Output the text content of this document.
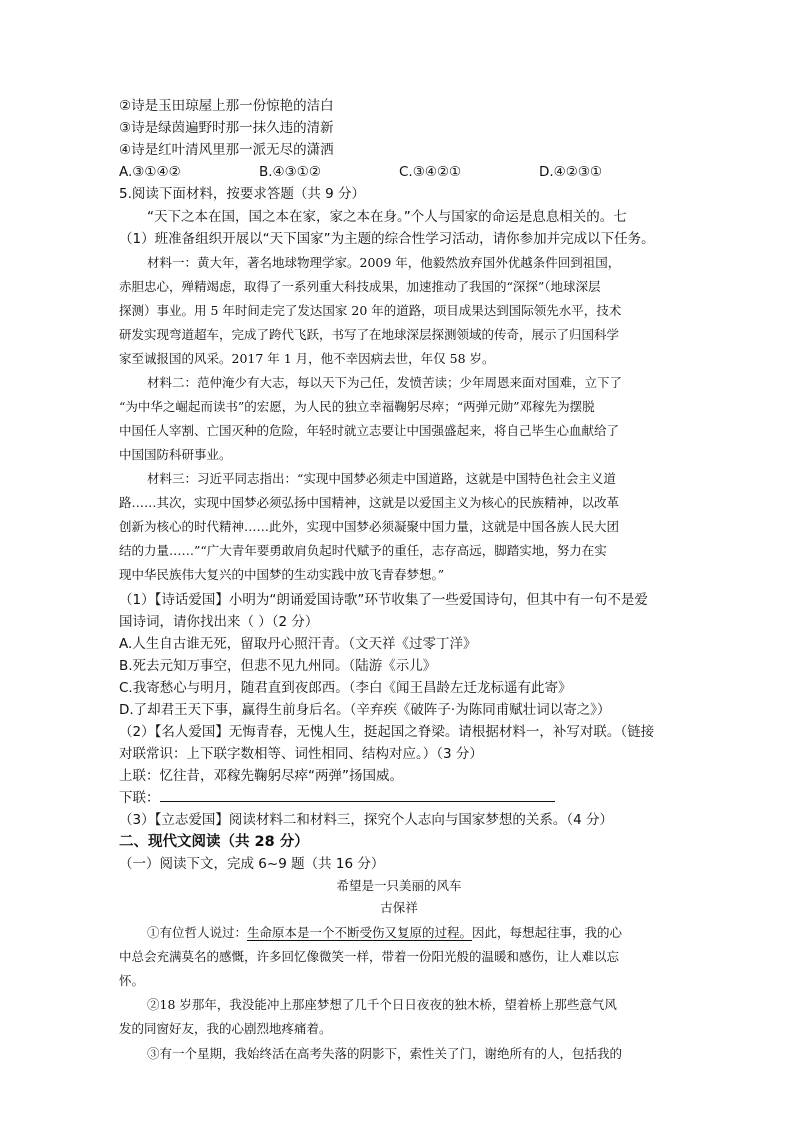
②诗是玉田琼屋上那一份惊艳的洁白
③诗是绿茵遍野时那一抹久违的清新
④诗是红叶清风里那一派无尽的潇洒
A.③①④②	B.④③①②	C.③④②①	D.④②③①
5.阅读下面材料，按要求答题（共 9 分）
“天下之本在国，国之本在家，家之本在身。”个人与国家的命运是息息相关的。七
（1）班准备组织开展以“天下国家”为主题的综合性学习活动，请你参加并完成以下任务。
材料一：黄大年，著名地球物理学家。2009 年，他毅然放弃国外优越条件回到祖国，
赤胆忠心，殚精竭虑，取得了一系列重大科技成果，加速推动了我国的“深探”（地球深层
探测）事业。用 5 年时间走完了发达国家 20 年的道路，项目成果达到国际领先水平，技术
研发实现弯道超车，完成了跨代飞跃，书写了在地球深层探测领域的传奇，展示了归国科学
家至诚报国的风采。2017 年 1 月，他不幸因病去世，年仅 58 岁。
材料二：范仲淹少有大志，每以天下为己任，发愤苦读；少年周恩来面对国难，立下了
“为中华之崛起而读书”的宏愿，为人民的独立幸福鞠躬尽瘁；“两弹元勋”邓稼先为摆脱
中国任人宰割、亡国灭种的危险，年轻时就立志要让中国强盛起来，将自己毕生心血献给了
中国国防科研事业。
材料三：习近平同志指出：“实现中国梦必须走中国道路，这就是中国特色社会主义道
路……其次，实现中国梦必须弘扬中国精神，这就是以爱国主义为核心的民族精神，以改革
创新为核心的时代精神……此外，实现中国梦必须凝聚中国力量，这就是中国各族人民大团
结的力量……”“广大青年要勇敢肩负起时代赋予的重任，志存高远，脚踏实地，努力在实
现中华民族伟大复兴的中国梦的生动实践中放飞青春梦想。”
（1）【诗话爱国】小明为“朗诵爱国诗歌”环节收集了一些爱国诗句，但其中有一句不是爱
国诗词，请你找出来（ ）（2 分）
A.人生自古谁无死，留取丹心照汗青。（文天祥《过零丁洋》
B.死去元知万事空，但悲不见九州同。（陆游《示儿》
C.我寄愁心与明月，随君直到夜郎西。（李白《闻王昌龄左迁龙标遥有此寄》
D.了却君王天下事，赢得生前身后名。（辛弃疾《破阵子·为陈同甫赋壮词以寄之》）
（2）【名人爱国】无悔青春，无愧人生，挺起国之脊梁。请根据材料一，补写对联。（链接
对联常识：上下联字数相等、词性相同、结构对应。）（3 分）
上联：忆往昔，邓稼先鞠躬尽瘁“两弹”扬国威。
下联：
（3）【立志爱国】阅读材料二和材料三，探究个人志向与国家梦想的关系。（4 分）
二、现代文阅读（共 28 分）
（一）阅读下文，完成 6~9 题（共 16 分）
希望是一只美丽的风车
古保祥
①有位哲人说过：生命原本是一个不断受伤又复原的过程。因此，每想起往事，我的心
中总会充满莫名的感慨，许多回忆像微笑一样，带着一份阳光般的温暖和感伤，让人难以忘
怀。
②18 岁那年，我没能冲上那座梦想了几千个日日夜夜的独木桥，望着桥上那些意气风
发的同窗好友，我的心剧烈地疼痛着。
③有一个星期，我始终活在高考失落的阴影下，索性关了门，谢绝所有的人，包括我的
